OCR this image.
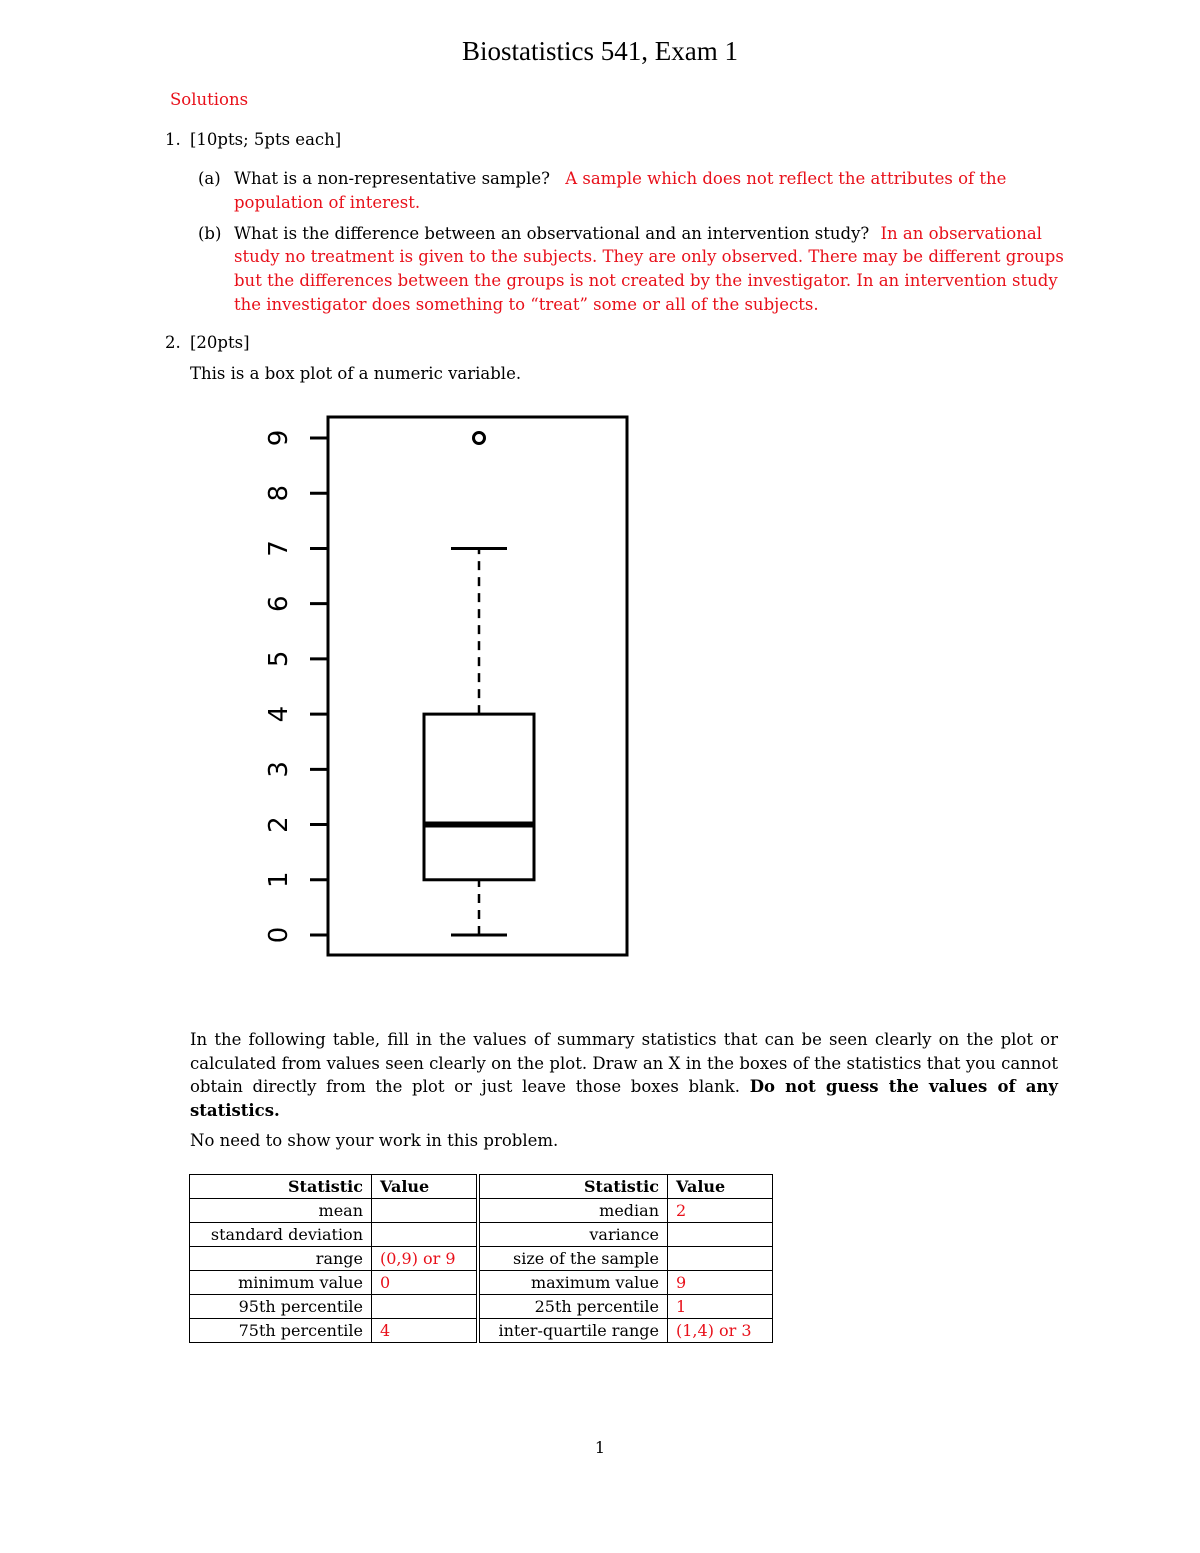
Biostatistics 541, Exam 1
Solutions
1. [10pts; 5pts each]
(a) What is a non-representative sample? A sample which does not reflect the attributes of the
population of interest.
(b) What is the difference between an observational and an intervention study? In an observational
study no treatment is given to the subjects. They are only observed. There may be different groups
but the differences between the groups is not created by the investigator. In an intervention study
the investigator does something to “treat” some or all of the subjects.
2. [20pts]
This is a box plot of a numeric variable.
0
1
2
3
4
5
6
7
8
9
In the following table, fill in the values of summary statistics that can be seen clearly on the plot or calculated from values seen clearly on the plot. Draw an X in the boxes of the statistics that you cannot obtain directly from the plot or just leave those boxes blank. Do not guess the values of any statistics.
No need to show your work in this problem.
Statistic	Value	Statistic	Value
mean		median	2
standard deviation		variance	
range	(0,9) or 9	size of the sample	
minimum value	0	maximum value	9
95th percentile		25th percentile	1
75th percentile	4	inter-quartile range	(1,4) or 3
1
